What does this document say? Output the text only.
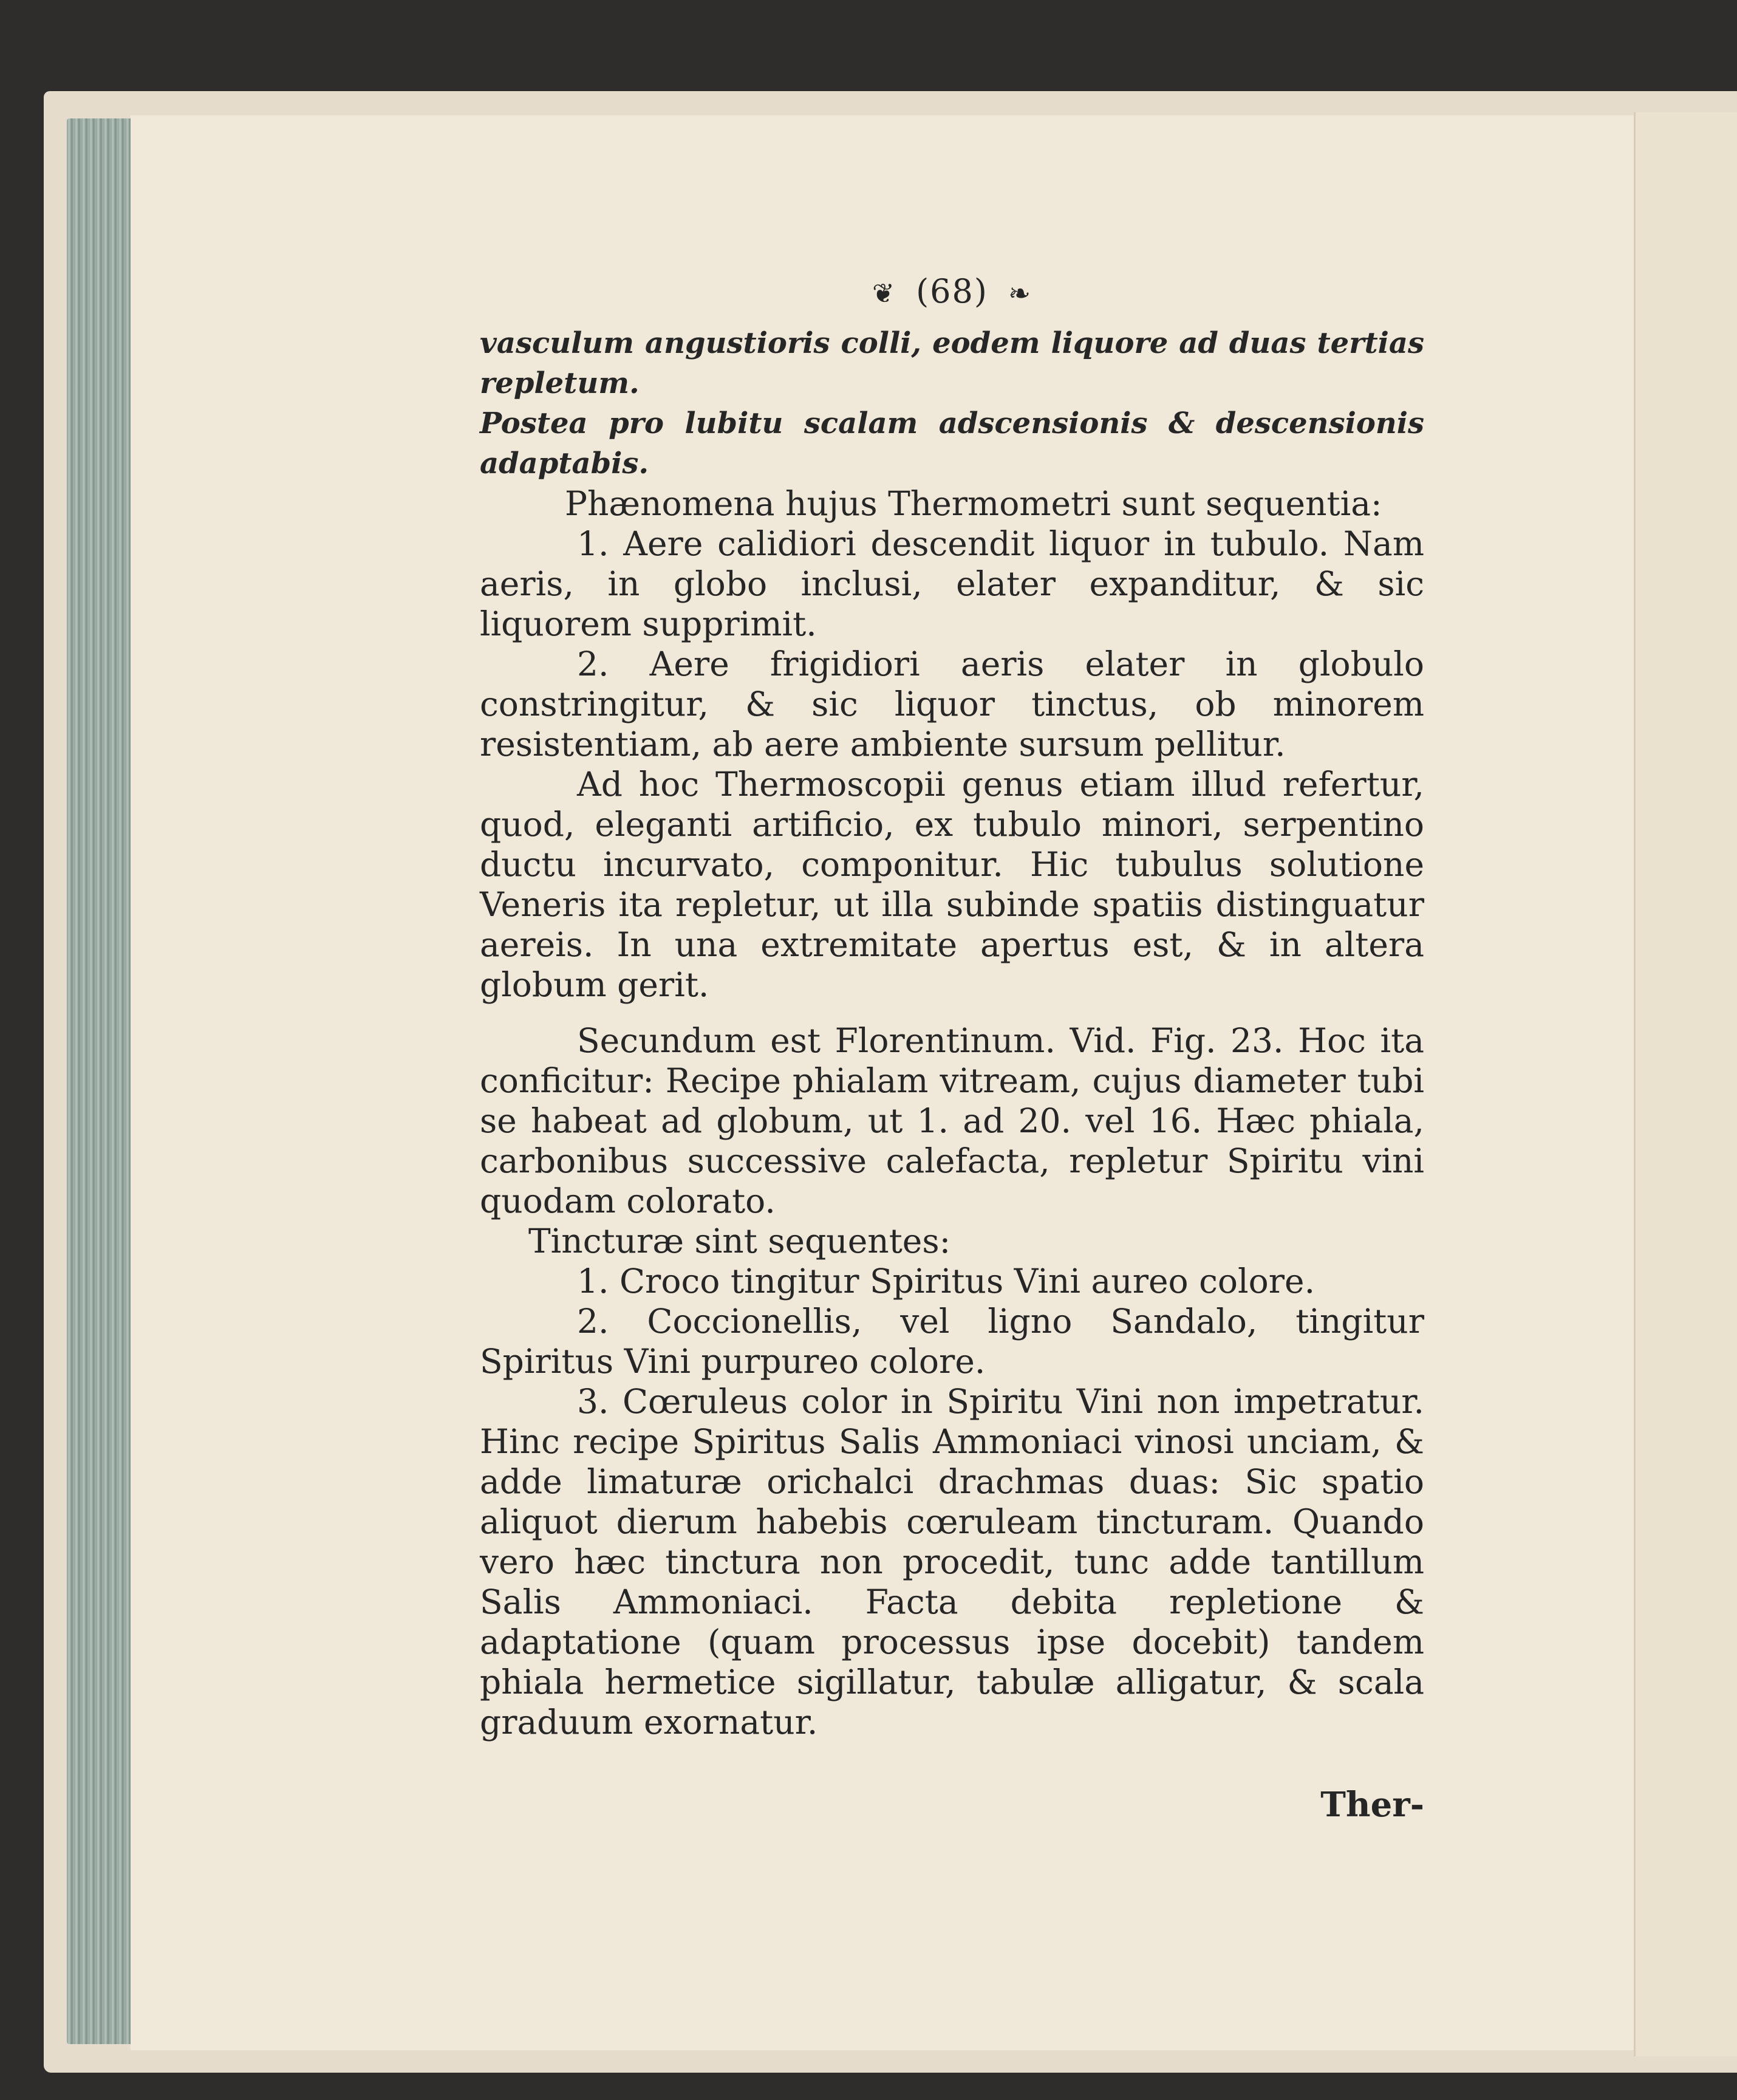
❦ (68) ❧

vasculum angustioris colli, eodem liquore ad duas tertias repletum.

Postea pro lubitu scalam adscensionis & descensionis adaptabis.

Phænomena hujus Thermometri sunt sequentia:

1. Aere calidiori descendit liquor in tubulo. Nam aeris, in globo inclusi, elater expanditur, & sic liquorem supprimit.

2. Aere frigidiori aeris elater in globulo constringitur, & sic liquor tinctus, ob minorem resistentiam, ab aere ambiente sursum pellitur.

Ad hoc Thermoscopii genus etiam illud refertur, quod, eleganti artificio, ex tubulo minori, serpentino ductu incurvato, componitur. Hic tubulus solutione Veneris ita repletur, ut illa subinde spatiis distinguatur aereis. In una extremitate apertus est, & in altera globum gerit.

Secundum est Florentinum. Vid. Fig. 23. Hoc ita conficitur: Recipe phialam vitream, cujus diameter tubi se habeat ad globum, ut 1. ad 20. vel 16. Hæc phiala, carbonibus successive calefacta, repletur Spiritu vini quodam colorato.

Tincturæ sint sequentes:

1. Croco tingitur Spiritus Vini aureo colore.

2. Coccionellis, vel ligno Sandalo, tingitur Spiritus Vini purpureo colore.

3. Cœruleus color in Spiritu Vini non impetratur. Hinc recipe Spiritus Salis Ammoniaci vinosi unciam, & adde limaturæ orichalci drachmas duas: Sic spatio aliquot dierum habebis cœruleam tincturam. Quando vero hæc tinctura non procedit, tunc adde tantillum Salis Ammoniaci. Facta debita repletione & adaptatione (quam processus ipse docebit) tandem phiala hermetice sigillatur, tabulæ alligatur, & scala graduum exornatur.

Ther-
